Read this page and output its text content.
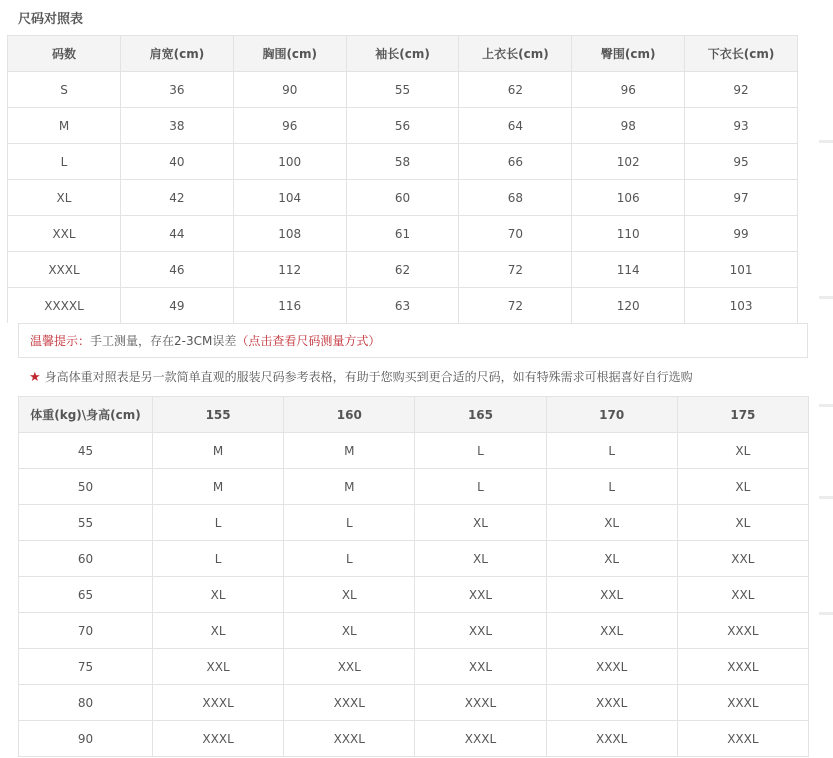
尺码对照表
码数	肩宽(cm)	胸围(cm)	袖长(cm)	上衣长(cm)	臀围(cm)	下衣长(cm)
S	36	90	55	62	96	92
M	38	96	56	64	98	93
L	40	100	58	66	102	95
XL	42	104	60	68	106	97
XXL	44	108	61	70	110	99
XXXL	46	112	62	72	114	101
XXXXL	49	116	63	72	120	103
温馨提示：手工测量，存在2-3CM误差（点击查看尺码测量方式）
★ 身高体重对照表是另一款简单直观的服装尺码参考表格，有助于您购买到更合适的尺码，如有特殊需求可根据喜好自行选购
体重(kg)\身高(cm)	155	160	165	170	175
45	M	M	L	L	XL
50	M	M	L	L	XL
55	L	L	XL	XL	XL
60	L	L	XL	XL	XXL
65	XL	XL	XXL	XXL	XXL
70	XL	XL	XXL	XXL	XXXL
75	XXL	XXL	XXL	XXXL	XXXL
80	XXXL	XXXL	XXXL	XXXL	XXXL
90	XXXL	XXXL	XXXL	XXXL	XXXL
